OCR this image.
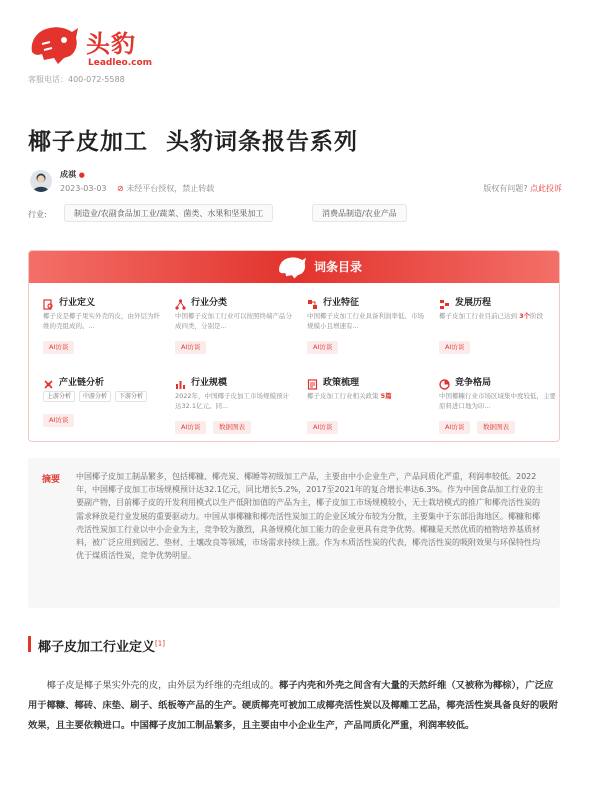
头豹
Leadleo.com
客服电话：400-072-5588
椰子皮加工  头豹词条报告系列
成祺 ●
2023-03-03 ⊘ 未经平台授权，禁止转载	版权有问题? 点此投诉
行业:	制造业/农副食品加工业/蔬菜、菌类、水果和坚果加工	消费品制造/农业产品
词条目录
行业定义
椰子皮是椰子果实外壳的皮，由外层为纤维的壳组成的。...
AI访谈
行业分类
中国椰子皮加工行业可以按照终端产品分成四类，分别是...
AI访谈
行业特征
中国椰子皮加工行业具备利润率低、市场规模小且增速有...
AI访谈
发展历程
椰子皮加工行业目前已达到 3个阶段
AI访谈
产业链分析
上游分析	中游分析	下游分析
AI访谈
行业规模
2022年，中国椰子皮加工市场规模预计达32.1亿元。同...
AI访谈	数据图表
政策梳理
椰子皮加工行业相关政策 5篇
AI访谈
竞争格局
中国椰糠行业市场区域集中度较低，主要原料进口地为印...
AI访谈	数据图表
摘要 中国椰子皮加工制品繁多，包括椰糠、椰壳炭、椰睡等初级加工产品，主要由中小企业生产，产品同质化严重，利润率较低。2022年，中国椰子皮加工市场规模预计达32.1亿元，同比增长5.2%，2017至2021年的复合增长率达6.3%。作为中国食品加工行业的主要副产物，目前椰子皮的开发利用模式以生产低附加值的产品为主，椰子皮加工市场规模较小，无土栽培模式的推广和椰壳活性炭的需求释放是行业发展的重要驱动力。中国从事椰糠和椰壳活性炭加工的企业区域分布较为分散，主要集中于东部沿海地区。椰糠和椰壳活性炭加工行业以中小企业为主，竞争较为激烈，具备规模化加工能力的企业更具有竞争优势。椰糠是天然优质的植物培养基质材料，被广泛应用到园艺、垫材、土壤改良等领域，市场需求持续上涨。作为木质活性炭的代表，椰壳活性炭的吸附效果与环保特性均优于煤质活性炭，竞争优势明显。
椰子皮加工行业定义[1]

椰子皮是椰子果实外壳的皮，由外层为纤维的壳组成的。椰子内壳和外壳之间含有大量的天然纤维（又被称为椰棕），广泛应用于椰糠、椰砖、床垫、刷子、纸板等产品的生产。硬质椰壳可被加工成椰壳活性炭以及椰雕工艺品，椰壳活性炭具备良好的吸附效果，且主要依赖进口。中国椰子皮加工制品繁多，且主要由中小企业生产，产品同质化严重，利润率较低。
